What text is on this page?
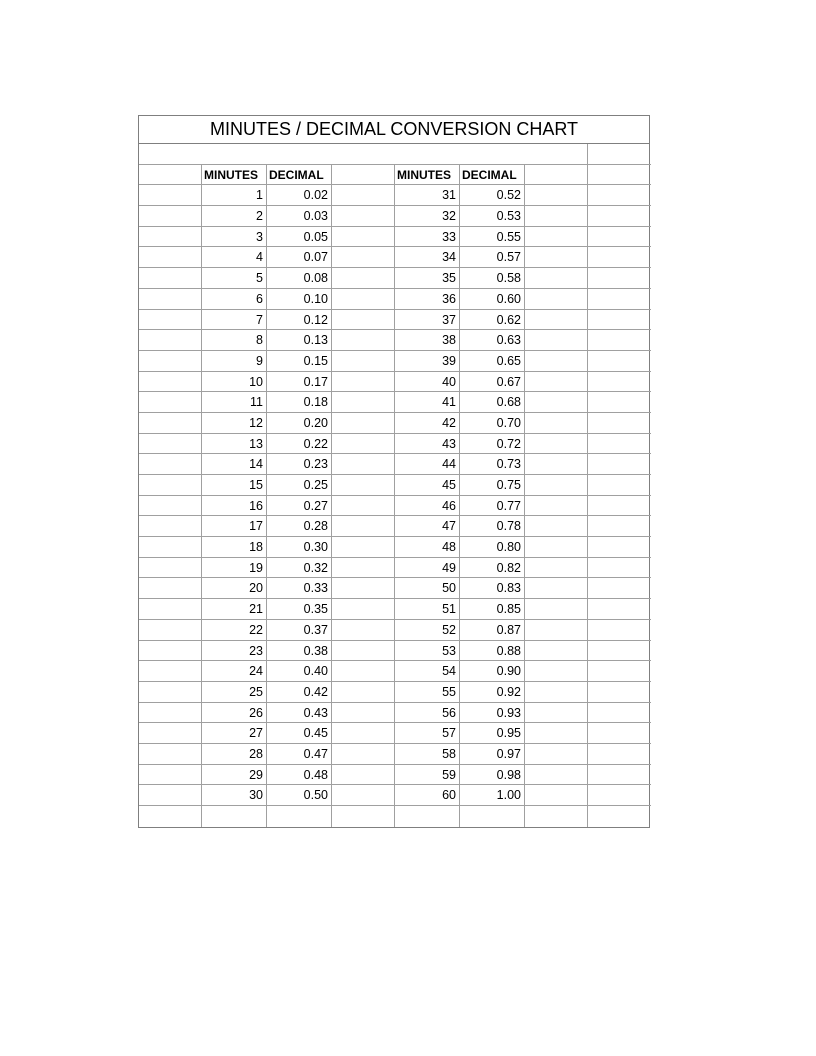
MINUTES / DECIMAL CONVERSION CHART
MINUTES DECIMAL	MINUTES DECIMAL
1	0.02	31	0.52
2	0.03	32	0.53
3	0.05	33	0.55
4	0.07	34	0.57
5	0.08	35	0.58
6	0.10	36	0.60
7	0.12	37	0.62
8	0.13	38	0.63
9	0.15	39	0.65
10	0.17	40	0.67
11	0.18	41	0.68
12	0.20	42	0.70
13	0.22	43	0.72
14	0.23	44	0.73
15	0.25	45	0.75
16	0.27	46	0.77
17	0.28	47	0.78
18	0.30	48	0.80
19	0.32	49	0.82
20	0.33	50	0.83
21	0.35	51	0.85
22	0.37	52	0.87
23	0.38	53	0.88
24	0.40	54	0.90
25	0.42	55	0.92
26	0.43	56	0.93
27	0.45	57	0.95
28	0.47	58	0.97
29	0.48	59	0.98
30	0.50	60	1.00
